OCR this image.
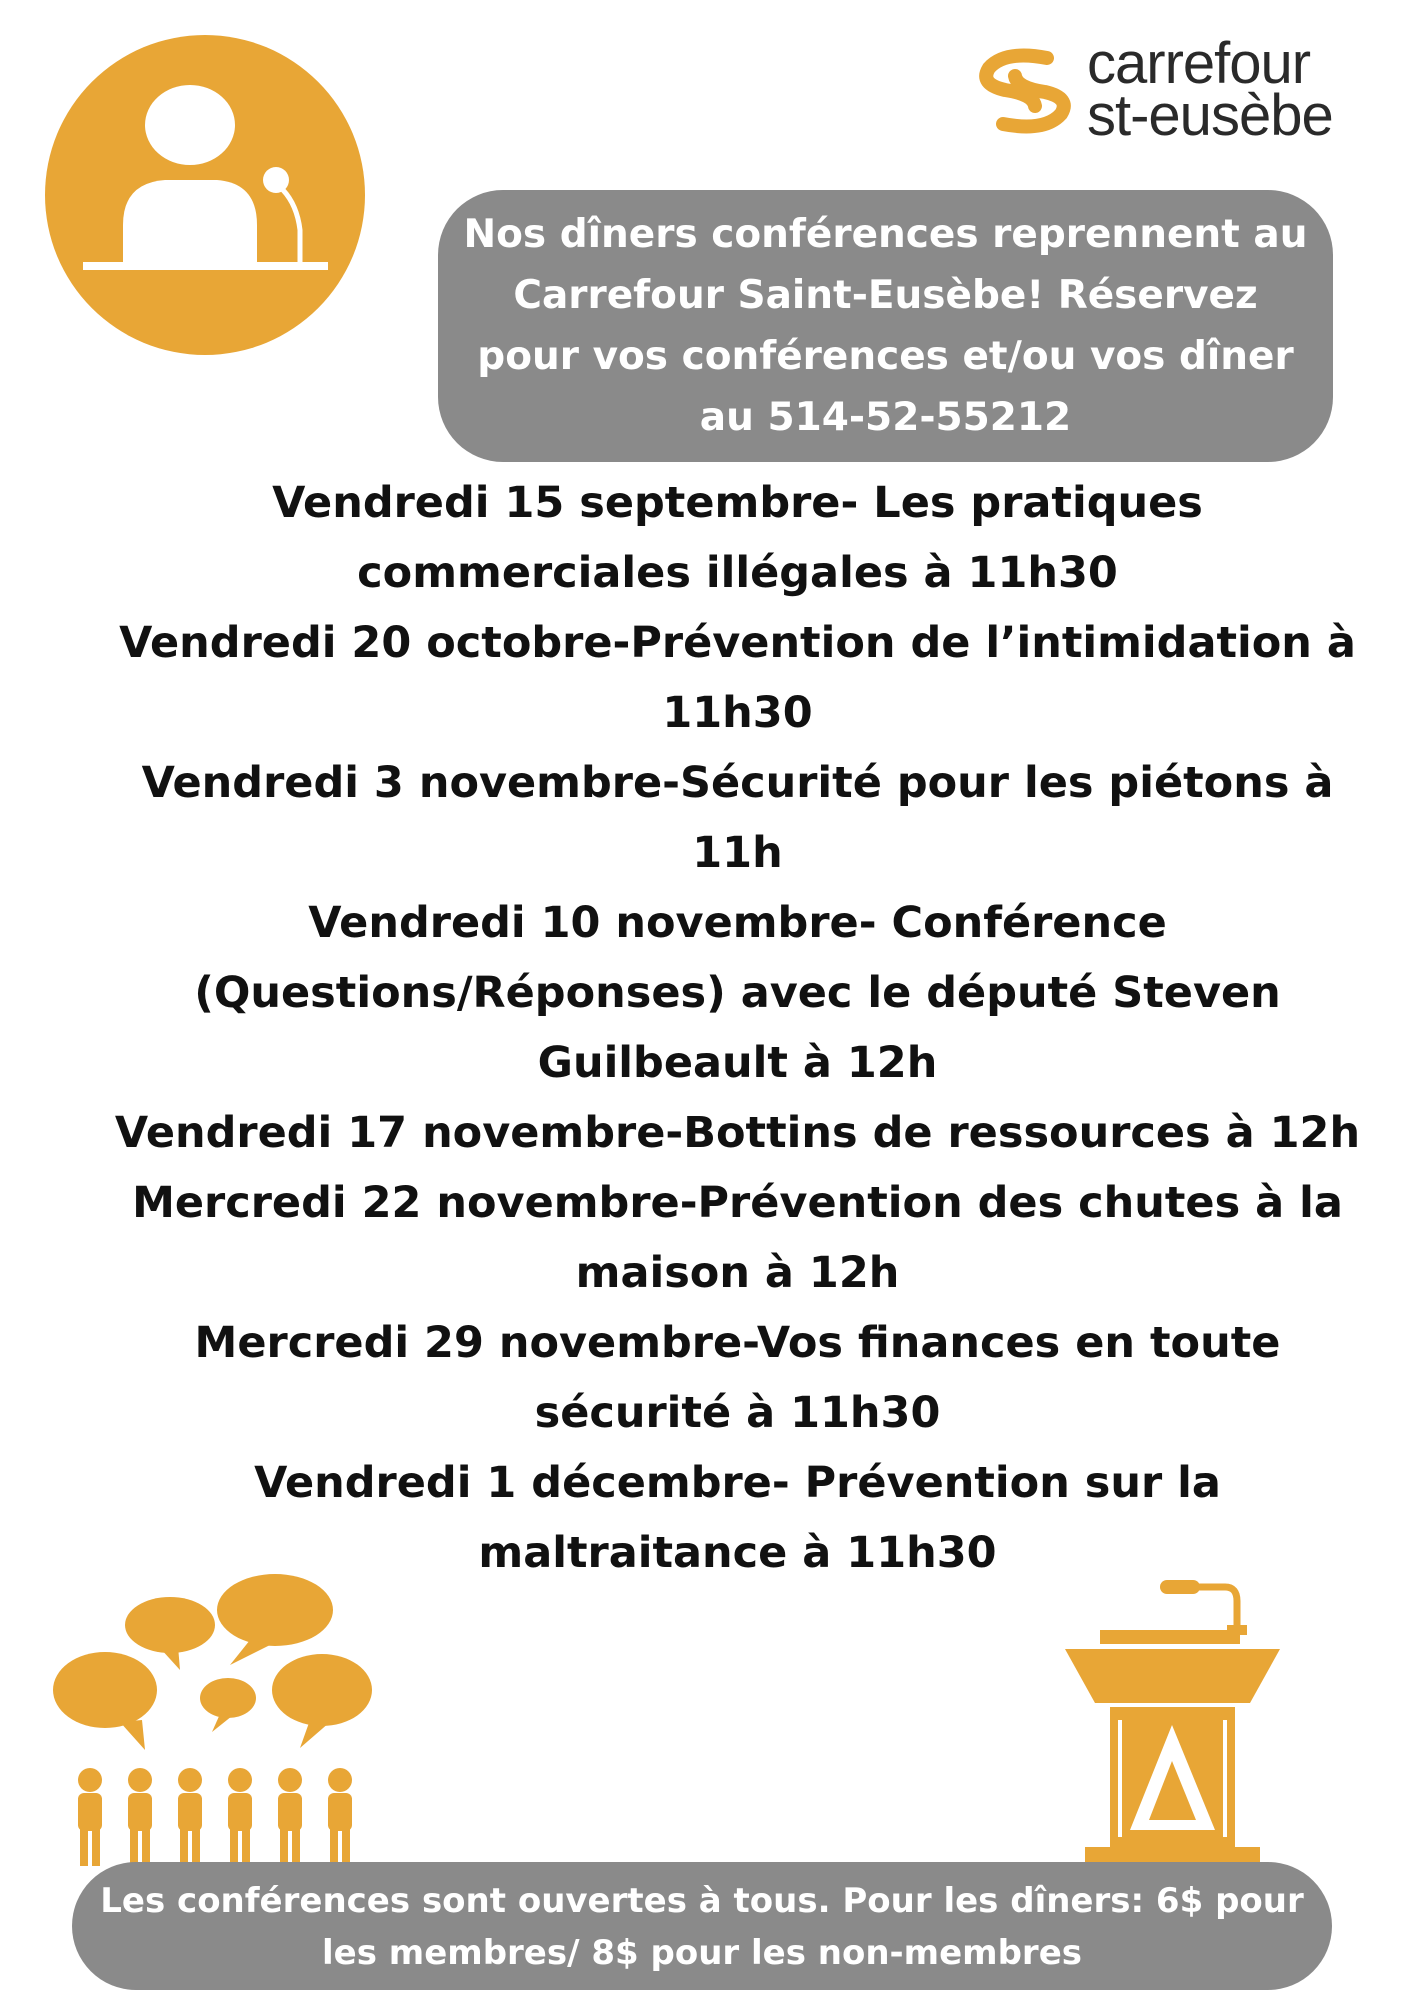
carrefour
st-eusèbe
Nos dîners conférences reprennent au Carrefour Saint-Eusèbe! Réservez pour vos conférences et/ou vos dîner au 514-52-55212
Vendredi 15 septembre- Les pratiques commerciales illégales à 11h30
Vendredi 20 octobre-Prévention de l’intimidation à 11h30
Vendredi 3 novembre-Sécurité pour les piétons à 11h
Vendredi 10 novembre- Conférence (Questions/Réponses) avec le député Steven Guilbeault à 12h
Vendredi 17 novembre-Bottins de ressources à 12h
Mercredi 22 novembre-Prévention des chutes à la maison à 12h
Mercredi 29 novembre-Vos finances en toute sécurité à 11h30
Vendredi 1 décembre- Prévention sur la maltraitance à 11h30
Les conférences sont ouvertes à tous. Pour les dîners: 6$ pour les membres/ 8$ pour les non-membres
